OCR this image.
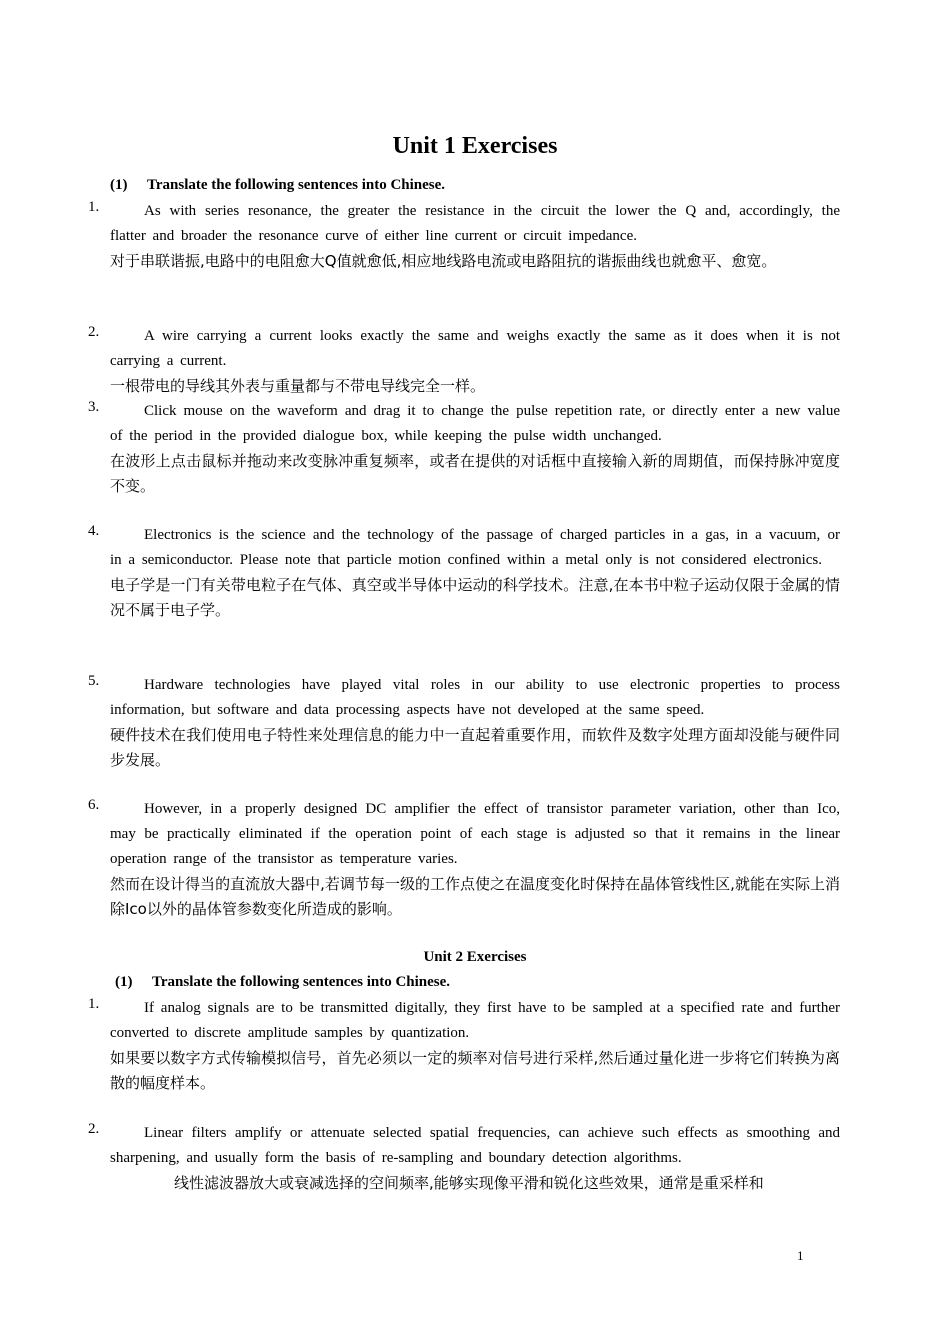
Unit 1 Exercises
(1) Translate the following sentences into Chinese.
1.	As with series resonance, the greater the resistance in the circuit the lower the Q and, accordingly, the flatter and broader the resonance curve of either line current or circuit impedance.
对于串联谐振,电路中的电阻愈大Q值就愈低,相应地线路电流或电路阻抗的谐振曲线也就愈平、愈宽。
2.	A wire carrying a current looks exactly the same and weighs exactly the same as it does when it is not carrying a current.
一根带电的导线其外表与重量都与不带电导线完全一样。
3.	Click mouse on the waveform and drag it to change the pulse repetition rate, or directly enter a new value of the period in the provided dialogue box, while keeping the pulse width unchanged.
在波形上点击鼠标并拖动来改变脉冲重复频率，或者在提供的对话框中直接输入新的周期值，而保持脉冲宽度不变。
4.	Electronics is the science and the technology of the passage of charged particles in a gas, in a vacuum, or in a semiconductor. Please note that particle motion confined within a metal only is not considered electronics.
电子学是一门有关带电粒子在气体、真空或半导体中运动的科学技术。注意,在本书中粒子运动仅限于金属的情况不属于电子学。
5.	Hardware technologies have played vital roles in our ability to use electronic properties to process information, but software and data processing aspects have not developed at the same speed.
硬件技术在我们使用电子特性来处理信息的能力中一直起着重要作用，而软件及数字处理方面却没能与硬件同步发展。
6.	However, in a properly designed DC amplifier the effect of transistor parameter variation, other than Ico, may be practically eliminated if the operation point of each stage is adjusted so that it remains in the linear operation range of the transistor as temperature varies.
然而在设计得当的直流放大器中,若调节每一级的工作点使之在温度变化时保持在晶体管线性区,就能在实际上消除Ico以外的晶体管参数变化所造成的影响。
Unit 2 Exercises
(1) Translate the following sentences into Chinese.
1.	If analog signals are to be transmitted digitally, they first have to be sampled at a specified rate and further converted to discrete amplitude samples by quantization.
如果要以数字方式传输模拟信号，首先必须以一定的频率对信号进行采样,然后通过量化进一步将它们转换为离散的幅度样本。
2.	Linear filters amplify or attenuate selected spatial frequencies, can achieve such effects as smoothing and sharpening, and usually form the basis of re-sampling and boundary detection algorithms.
线性滤波器放大或衰减选择的空间频率,能够实现像平滑和锐化这些效果，通常是重采样和
1
